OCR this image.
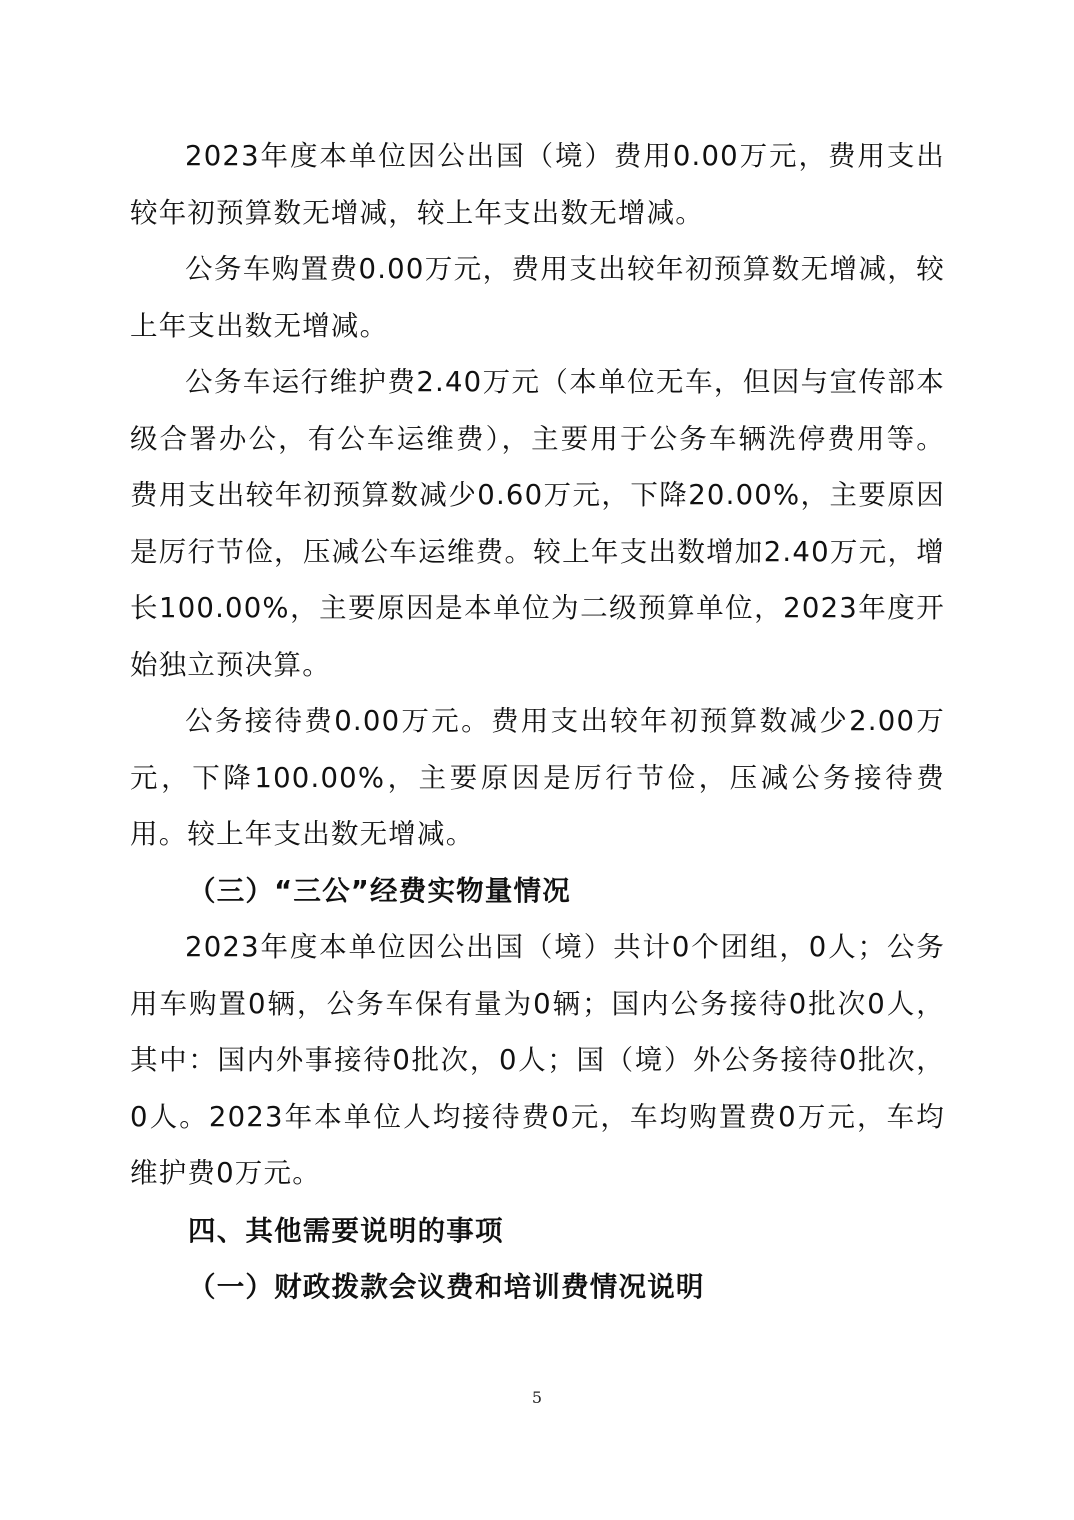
2023年度本单位因公出国（境）费用0.00万元，费用支出较年初预算数无增减，较上年支出数无增减。

公务车购置费0.00万元，费用支出较年初预算数无增减，较上年支出数无增减。

公务车运行维护费2.40万元（本单位无车，但因与宣传部本级合署办公，有公车运维费），主要用于公务车辆洗停费用等。费用支出较年初预算数减少0.60万元，下降20.00%，主要原因是厉行节俭，压减公车运维费。较上年支出数增加2.40万元，增长100.00%，主要原因是本单位为二级预算单位，2023年度开始独立预决算。

公务接待费0.00万元。费用支出较年初预算数减少2.00万元，下降100.00%，主要原因是厉行节俭，压减公务接待费用。较上年支出数无增减。

（三）“三公”经费实物量情况

2023年度本单位因公出国（境）共计0个团组，0人；公务用车购置0辆，公务车保有量为0辆；国内公务接待0批次0人，其中：国内外事接待0批次，0人；国（境）外公务接待0批次，0人。2023年本单位人均接待费0元，车均购置费0万元，车均维护费0万元。

四、其他需要说明的事项

（一）财政拨款会议费和培训费情况说明

5
